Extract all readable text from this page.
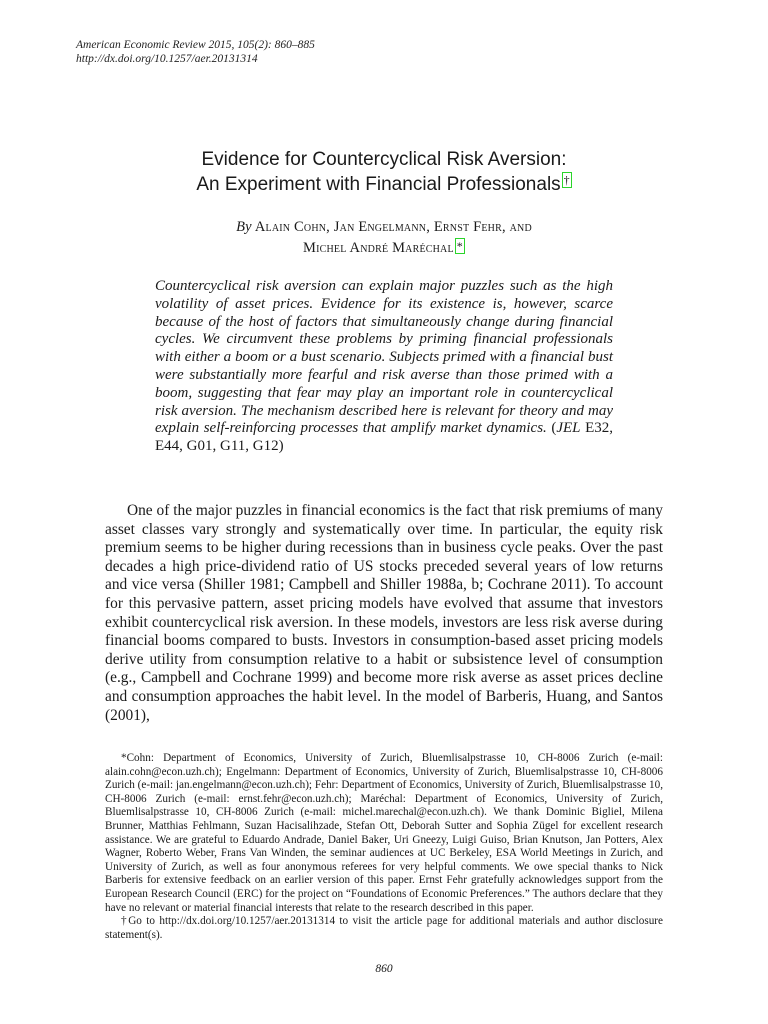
American Economic Review 2015, 105(2): 860–885
http://dx.doi.org/10.1257/aer.20131314
Evidence for Countercyclical Risk Aversion:
An Experiment with Financial Professionals †
By Alain Cohn, Jan Engelmann, Ernst Fehr, and
Michel André Maréchal *
Countercyclical risk aversion can explain major puzzles such as the high volatility of asset prices. Evidence for its existence is, however, scarce because of the host of factors that simultaneously change during financial cycles. We circumvent these problems by priming financial professionals with either a boom or a bust scenario. Subjects primed with a financial bust were substantially more fearful and risk averse than those primed with a boom, suggesting that fear may play an important role in countercyclical risk aversion. The mechanism described here is relevant for theory and may explain self-reinforcing processes that amplify market dynamics. (JEL E32, E44, G01, G11, G12)

One of the major puzzles in financial economics is the fact that risk premiums of many asset classes vary strongly and systematically over time. In particular, the equity risk premium seems to be higher during recessions than in business cycle peaks. Over the past decades a high price-dividend ratio of US stocks preceded several years of low returns and vice versa (Shiller 1981; Campbell and Shiller 1988a, b; Cochrane 2011). To account for this pervasive pattern, asset pricing models have evolved that assume that investors exhibit countercyclical risk aversion. In these models, investors are less risk averse during financial booms compared to busts. Investors in consumption-based asset pricing models derive utility from consumption relative to a habit or subsistence level of consumption (e.g., Campbell and Cochrane 1999) and become more risk averse as asset prices decline and consumption approaches the habit level. In the model of Barberis, Huang, and Santos (2001),

*Cohn: Department of Economics, University of Zurich, Bluemlisalpstrasse 10, CH-8006 Zurich (e-mail: alain.cohn@econ.uzh.ch); Engelmann: Department of Economics, University of Zurich, Bluemlisalpstrasse 10, CH-8006 Zurich (e-mail: jan.engelmann@econ.uzh.ch); Fehr: Department of Economics, University of Zurich, Bluemlisalpstrasse 10, CH-8006 Zurich (e-mail: ernst.fehr@econ.uzh.ch); Maréchal: Department of Economics, University of Zurich, Bluemlisalpstrasse 10, CH-8006 Zurich (e-mail: michel.marechal@econ.uzh.ch). We thank Dominic Bigliel, Milena Brunner, Matthias Fehlmann, Suzan Hacisalihzade, Stefan Ott, Deborah Sutter and Sophia Zügel for excellent research assistance. We are grateful to Eduardo Andrade, Daniel Baker, Uri Gneezy, Luigi Guiso, Brian Knutson, Jan Potters, Alex Wagner, Roberto Weber, Frans Van Winden, the seminar audiences at UC Berkeley, ESA World Meetings in Zurich, and University of Zurich, as well as four anonymous referees for very helpful comments. We owe special thanks to Nick Barberis for extensive feedback on an earlier version of this paper. Ernst Fehr gratefully acknowledges support from the European Research Council (ERC) for the project on “Foundations of Economic Preferences.” The authors declare that they have no relevant or material financial interests that relate to the research described in this paper.

†Go to http://dx.doi.org/10.1257/aer.20131314 to visit the article page for additional materials and author disclosure statement(s).

860
